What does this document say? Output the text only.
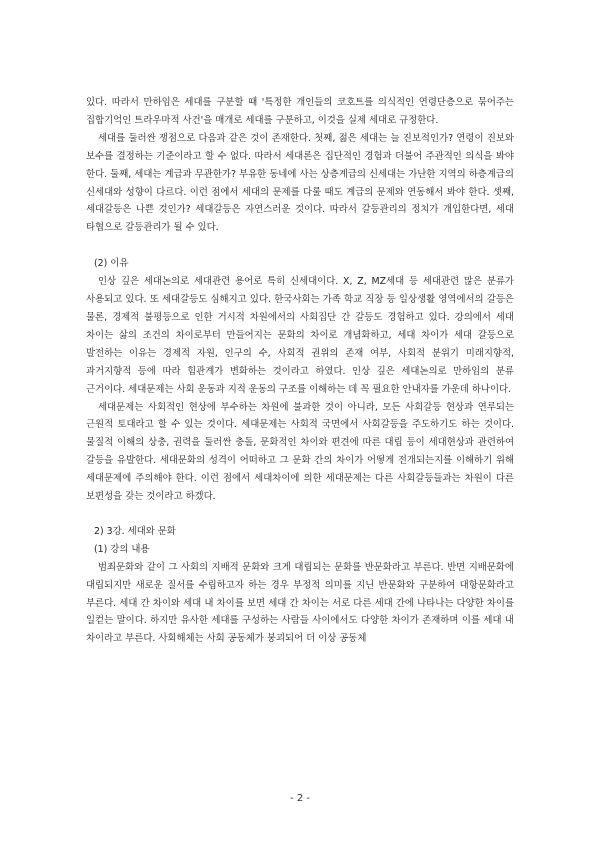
있다. 따라서 만하임은 세대를 구분할 때 '특정한 개인들의 코호트를 의식적인 연령단층으로 묶어주는 집합기억인 트라우마적 사건'을 매개로 세대를 구분하고, 이것을 실제 세대로 규정한다.

세대를 둘러싼 쟁점으로 다음과 같은 것이 존재한다. 첫째, 젊은 세대는 늘 진보적인가? 연령이 진보와 보수를 결정하는 기준이라고 할 수 없다. 따라서 세대론은 집단적인 경험과 더불어 주관적인 의식을 봐야 한다. 둘째, 세대는 계급과 무관한가? 부유한 동네에 사는 상층계급의 신세대는 가난한 지역의 하층계급의 신세대와 성향이 다르다. 이런 점에서 세대의 문제를 다룰 때도 계급의 문제와 연동해서 봐야 한다. 셋째, 세대갈등은 나쁜 것인가? 세대갈등은 자연스러운 것이다. 따라서 갈등관리의 정치가 개입한다면, 세대 타협으로 갈등관리가 될 수 있다.

(2) 이유

인상 깊은 세대논의로 세대관련 용어로 특히 신세대이다. X, Z, MZ세대 등 세대관련 많은 분류가 사용되고 있다. 또 세대갈등도 심해지고 있다. 한국사회는 가족 학교 직장 등 일상생활 영역에서의 갈등은 물론, 경제적 불평등으로 인한 거시적 차원에서의 사회집단 간 갈등도 경험하고 있다. 강의에서 세대 차이는 삶의 조건의 차이로부터 만들어지는 문화의 차이로 개념화하고, 세대 차이가 세대 갈등으로 발전하는 이유는 경제적 자원, 인구의 수, 사회적 권위의 존재 여부, 사회적 분위기 미래지향적, 과거지향적 등에 따라 힘관계가 변화하는 것이라고 하였다. 인상 깊은 세대논의로 만하임의 분류 근거이다. 세대문제는 사회 운동과 지적 운동의 구조를 이해하는 데 꼭 필요한 안내자를 가운데 하나이다.

세대문제는 사회적인 현상에 부수하는 차원에 불과한 것이 아니라, 모든 사회갈등 현상과 연루되는 근원적 토대라고 할 수 있는 것이다. 세대문제는 사회적 국면에서 사회갈등을 주도하기도 하는 것이다. 물질적 이해의 상충, 권력을 둘러싼 충돌, 문화적인 차이와 편견에 따른 대립 등이 세대현상과 관련하여 갈등을 유발한다. 세대문화의 성격이 어떠하고 그 문화 간의 차이가 어떻게 전개되는지를 이해하기 위해 세대문제에 주의해야 한다. 이런 점에서 세대차이에 의한 세대문제는 다른 사회갈등들과는 차원이 다른 보편성을 갖는 것이라고 하겠다.

2) 3강. 세대와 문화

(1) 강의 내용

범죄문화와 같이 그 사회의 지배적 문화와 크게 대립되는 문화를 반문화라고 부른다. 반면 지배문화에 대립되지만 새로운 질서를 수립하고자 하는 경우 부정적 의미를 지닌 반문화와 구분하여 대항문화라고 부른다. 세대 간 차이와 세대 내 차이를 보면 세대 간 차이는 서로 다른 세대 간에 나타나는 다양한 차이를 일컫는 말이다. 하지만 유사한 세대를 구성하는 사람들 사이에서도 다양한 차이가 존재하며 이를 세대 내 차이라고 부른다. 사회해체는 사회 공동체가 붕괴되어 더 이상 공동체

- 2 -
